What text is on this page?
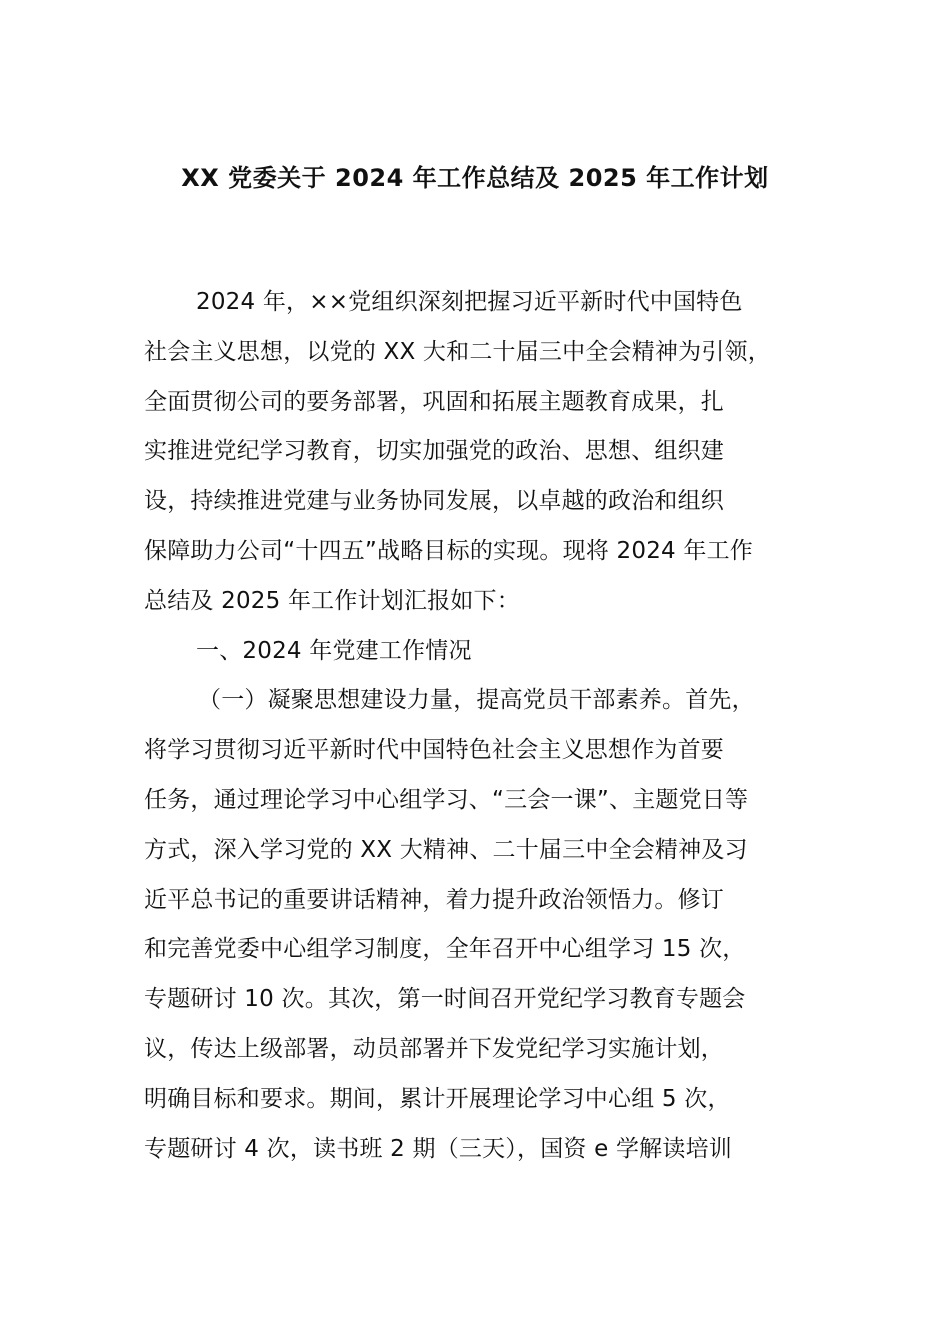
XX 党委关于 2024 年工作总结及 2025 年工作计划
2024 年，××党组织深刻把握习近平新时代中国特色
社会主义思想，以党的 XX 大和二十届三中全会精神为引领，
全面贯彻公司的要务部署，巩固和拓展主题教育成果，扎
实推进党纪学习教育，切实加强党的政治、思想、组织建
设，持续推进党建与业务协同发展，以卓越的政治和组织
保障助力公司“十四五”战略目标的实现。现将 2024 年工作
总结及 2025 年工作计划汇报如下：
一、2024 年党建工作情况
（一）凝聚思想建设力量，提高党员干部素养。首先，
将学习贯彻习近平新时代中国特色社会主义思想作为首要
任务，通过理论学习中心组学习、“三会一课”、主题党日等
方式，深入学习党的 XX 大精神、二十届三中全会精神及习
近平总书记的重要讲话精神，着力提升政治领悟力。修订
和完善党委中心组学习制度，全年召开中心组学习 15 次，
专题研讨 10 次。其次，第一时间召开党纪学习教育专题会
议，传达上级部署，动员部署并下发党纪学习实施计划，
明确目标和要求。期间，累计开展理论学习中心组 5 次，
专题研讨 4 次，读书班 2 期（三天），国资 e 学解读培训
